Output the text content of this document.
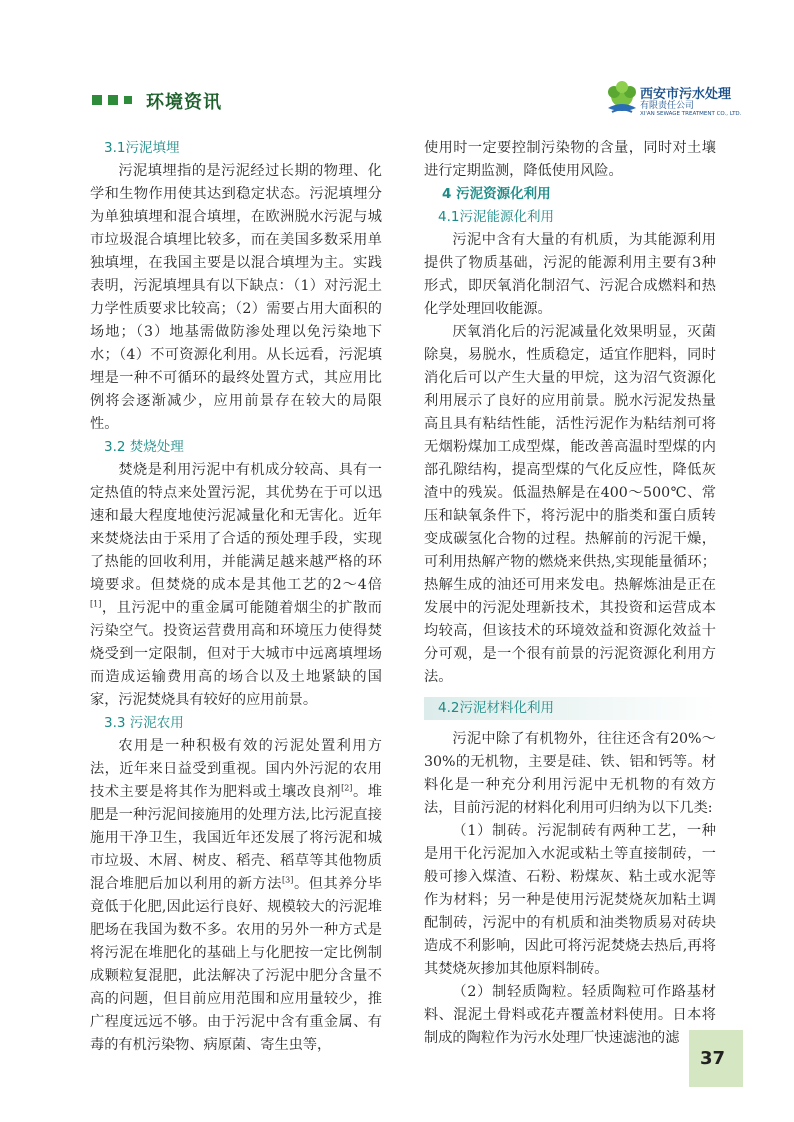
环境资讯	西安市污水处理
有限责任公司
XI'AN SEWAGE TREATMENT CO., LTD.
3.1污泥填埋

污泥填埋指的是污泥经过长期的物理、化学和生物作用使其达到稳定状态。污泥填埋分为单独填埋和混合填埋，在欧洲脱水污泥与城市垃圾混合填埋比较多，而在美国多数采用单独填埋，在我国主要是以混合填埋为主。实践表明，污泥填埋具有以下缺点：（1）对污泥土力学性质要求比较高；（2）需要占用大面积的场地；（3）地基需做防渗处理以免污染地下水；（4）不可资源化利用。从长远看，污泥填埋是一种不可循环的最终处置方式，其应用比例将会逐渐减少，应用前景存在较大的局限性。

3.2 焚烧处理

焚烧是利用污泥中有机成分较高、具有一定热值的特点来处置污泥，其优势在于可以迅速和最大程度地使污泥减量化和无害化。近年来焚烧法由于采用了合适的预处理手段，实现了热能的回收利用，并能满足越来越严格的环境要求。但焚烧的成本是其他工艺的2～4倍[1]，且污泥中的重金属可能随着烟尘的扩散而污染空气。投资运营费用高和环境压力使得焚烧受到一定限制，但对于大城市中远离填埋场而造成运输费用高的场合以及土地紧缺的国家，污泥焚烧具有较好的应用前景。

3.3 污泥农用

农用是一种积极有效的污泥处置利用方法，近年来日益受到重视。国内外污泥的农用技术主要是将其作为肥料或土壤改良剂[2]。堆肥是一种污泥间接施用的处理方法,比污泥直接施用干净卫生，我国近年还发展了将污泥和城市垃圾、木屑、树皮、稻壳、稻草等其他物质混合堆肥后加以利用的新方法[3]。但其养分毕竟低于化肥,因此运行良好、规模较大的污泥堆肥场在我国为数不多。农用的另外一种方式是将污泥在堆肥化的基础上与化肥按一定比例制成颗粒复混肥，此法解决了污泥中肥分含量不高的问题，但目前应用范围和应用量较少，推广程度远远不够。由于污泥中含有重金属、有毒的有机污染物、病原菌、寄生虫等，

使用时一定要控制污染物的含量，同时对土壤进行定期监测，降低使用风险。

4 污泥资源化利用
4.1污泥能源化利用

污泥中含有大量的有机质，为其能源利用提供了物质基础，污泥的能源利用主要有3种形式，即厌氧消化制沼气、污泥合成燃料和热化学处理回收能源。

厌氧消化后的污泥减量化效果明显，灭菌除臭，易脱水，性质稳定，适宜作肥料，同时消化后可以产生大量的甲烷，这为沼气资源化利用展示了良好的应用前景。脱水污泥发热量高且具有粘结性能，活性污泥作为粘结剂可将无烟粉煤加工成型煤，能改善高温时型煤的内部孔隙结构，提高型煤的气化反应性，降低灰渣中的残炭。低温热解是在400～500℃、常压和缺氧条件下，将污泥中的脂类和蛋白质转变成碳氢化合物的过程。热解前的污泥干燥，可利用热解产物的燃烧来供热,实现能量循环；热解生成的油还可用来发电。热解炼油是正在发展中的污泥处理新技术，其投资和运营成本均较高，但该技术的环境效益和资源化效益十分可观，是一个很有前景的污泥资源化利用方法。

4.2污泥材料化利用

污泥中除了有机物外，往往还含有20%～30%的无机物，主要是硅、铁、铝和钙等。材料化是一种充分利用污泥中无机物的有效方法，目前污泥的材料化利用可归纳为以下几类:

（1）制砖。污泥制砖有两种工艺，一种是用干化污泥加入水泥或粘土等直接制砖，一般可掺入煤渣、石粉、粉煤灰、粘土或水泥等作为材料；另一种是使用污泥焚烧灰加粘土调配制砖，污泥中的有机质和油类物质易对砖块造成不利影响，因此可将污泥焚烧去热后,再将其焚烧灰掺加其他原料制砖。

（2）制轻质陶粒。轻质陶粒可作路基材料、混泥土骨料或花卉覆盖材料使用。日本将制成的陶粒作为污水处理厂快速滤池的滤

37
